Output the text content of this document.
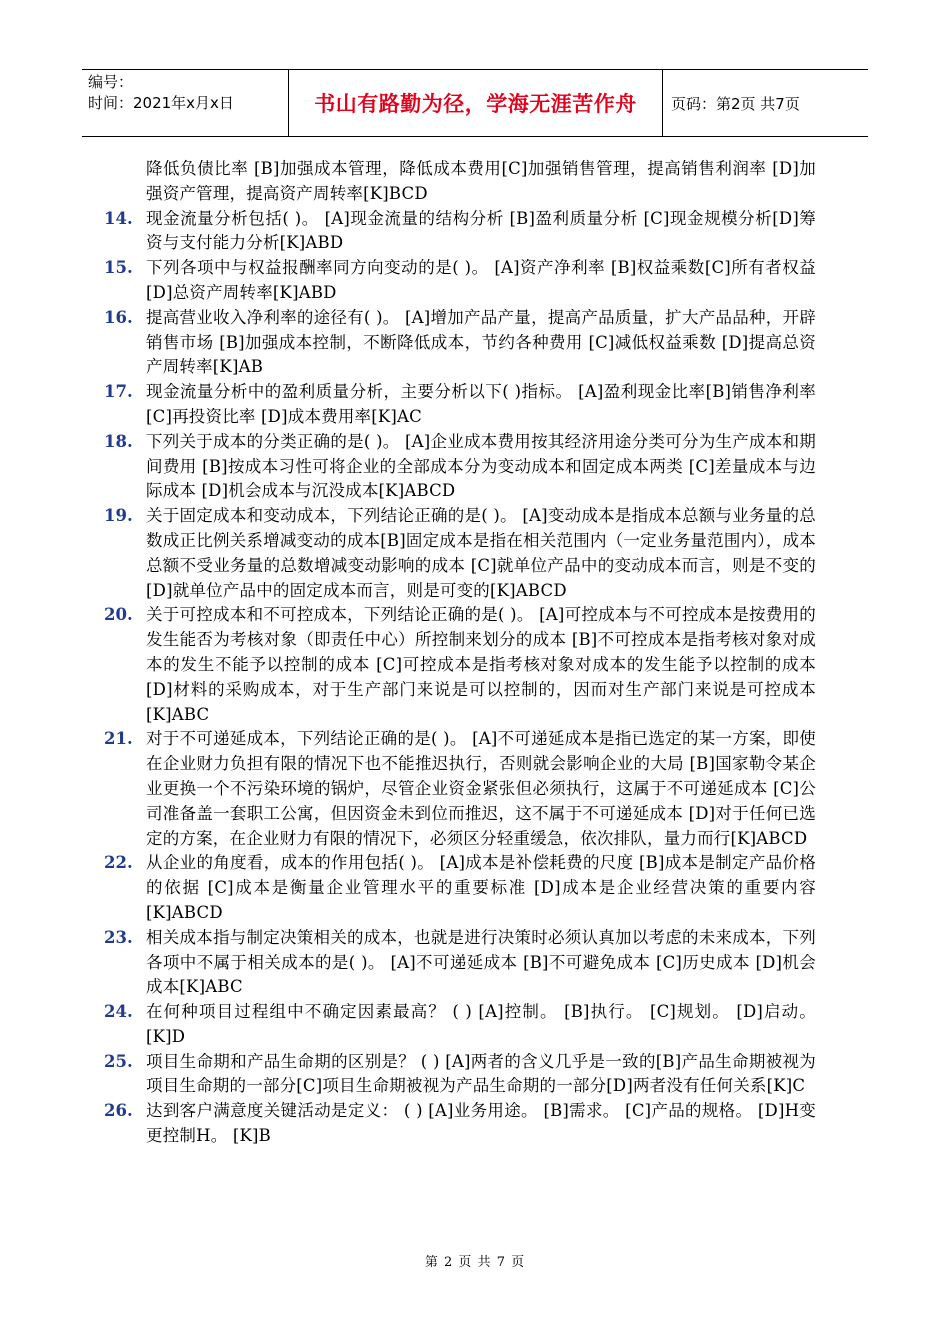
编号：
时间：2021年x月x日	书山有路勤为径，学海无涯苦作舟	页码：第2页 共7页
降低负债比率 [B]加强成本管理，降低成本费用[C]加强销售管理，提高销售利润率 [D]加强资产管理，提高资产周转率[K]BCD
14. 现金流量分析包括( )。 [A]现金流量的结构分析 [B]盈利质量分析 [C]现金规模分析[D]筹资与支付能力分析[K]ABD
15. 下列各项中与权益报酬率同方向变动的是( )。 [A]资产净利率 [B]权益乘数[C]所有者权益 [D]总资产周转率[K]ABD
16. 提高营业收入净利率的途径有( )。 [A]增加产品产量，提高产品质量，扩大产品品种，开辟销售市场 [B]加强成本控制，不断降低成本，节约各种费用 [C]减低权益乘数 [D]提高总资产周转率[K]AB
17. 现金流量分析中的盈利质量分析，主要分析以下( )指标。 [A]盈利现金比率[B]销售净利率 [C]再投资比率 [D]成本费用率[K]AC
18. 下列关于成本的分类正确的是( )。 [A]企业成本费用按其经济用途分类可分为生产成本和期间费用 [B]按成本习性可将企业的全部成本分为变动成本和固定成本两类 [C]差量成本与边际成本 [D]机会成本与沉没成本[K]ABCD
19. 关于固定成本和变动成本，下列结论正确的是( )。 [A]变动成本是指成本总额与业务量的总数成正比例关系增减变动的成本[B]固定成本是指在相关范围内（一定业务量范围内），成本总额不受业务量的总数增减变动影响的成本 [C]就单位产品中的变动成本而言，则是不变的 [D]就单位产品中的固定成本而言，则是可变的[K]ABCD
20. 关于可控成本和不可控成本，下列结论正确的是( )。 [A]可控成本与不可控成本是按费用的发生能否为考核对象（即责任中心）所控制来划分的成本 [B]不可控成本是指考核对象对成本的发生不能予以控制的成本 [C]可控成本是指考核对象对成本的发生能予以控制的成本 [D]材料的采购成本，对于生产部门来说是可以控制的，因而对生产部门来说是可控成本[K]ABC
21. 对于不可递延成本，下列结论正确的是( )。 [A]不可递延成本是指已选定的某一方案，即使在企业财力负担有限的情况下也不能推迟执行，否则就会影响企业的大局 [B]国家勒令某企业更换一个不污染环境的锅炉，尽管企业资金紧张但必须执行，这属于不可递延成本 [C]公司准备盖一套职工公寓，但因资金未到位而推迟，这不属于不可递延成本 [D]对于任何已选定的方案，在企业财力有限的情况下，必须区分轻重缓急，依次排队，量力而行[K]ABCD
22. 从企业的角度看，成本的作用包括( )。 [A]成本是补偿耗费的尺度 [B]成本是制定产品价格的依据 [C]成本是衡量企业管理水平的重要标准 [D]成本是企业经营决策的重要内容[K]ABCD
23. 相关成本指与制定决策相关的成本，也就是进行决策时必须认真加以考虑的未来成本，下列各项中不属于相关成本的是( )。 [A]不可递延成本 [B]不可避免成本 [C]历史成本 [D]机会成本[K]ABC
24. 在何种项目过程组中不确定因素最高？ ( ) [A]控制。 [B]执行。 [C]规划。 [D]启动。 [K]D
25. 项目生命期和产品生命期的区别是？ ( ) [A]两者的含义几乎是一致的[B]产品生命期被视为项目生命期的一部分[C]项目生命期被视为产品生命期的一部分[D]两者没有任何关系[K]C
26. 达到客户满意度关键活动是定义： ( ) [A]业务用途。 [B]需求。 [C]产品的规格。 [D]H变更控制H。 [K]B
第 2 页 共 7 页
